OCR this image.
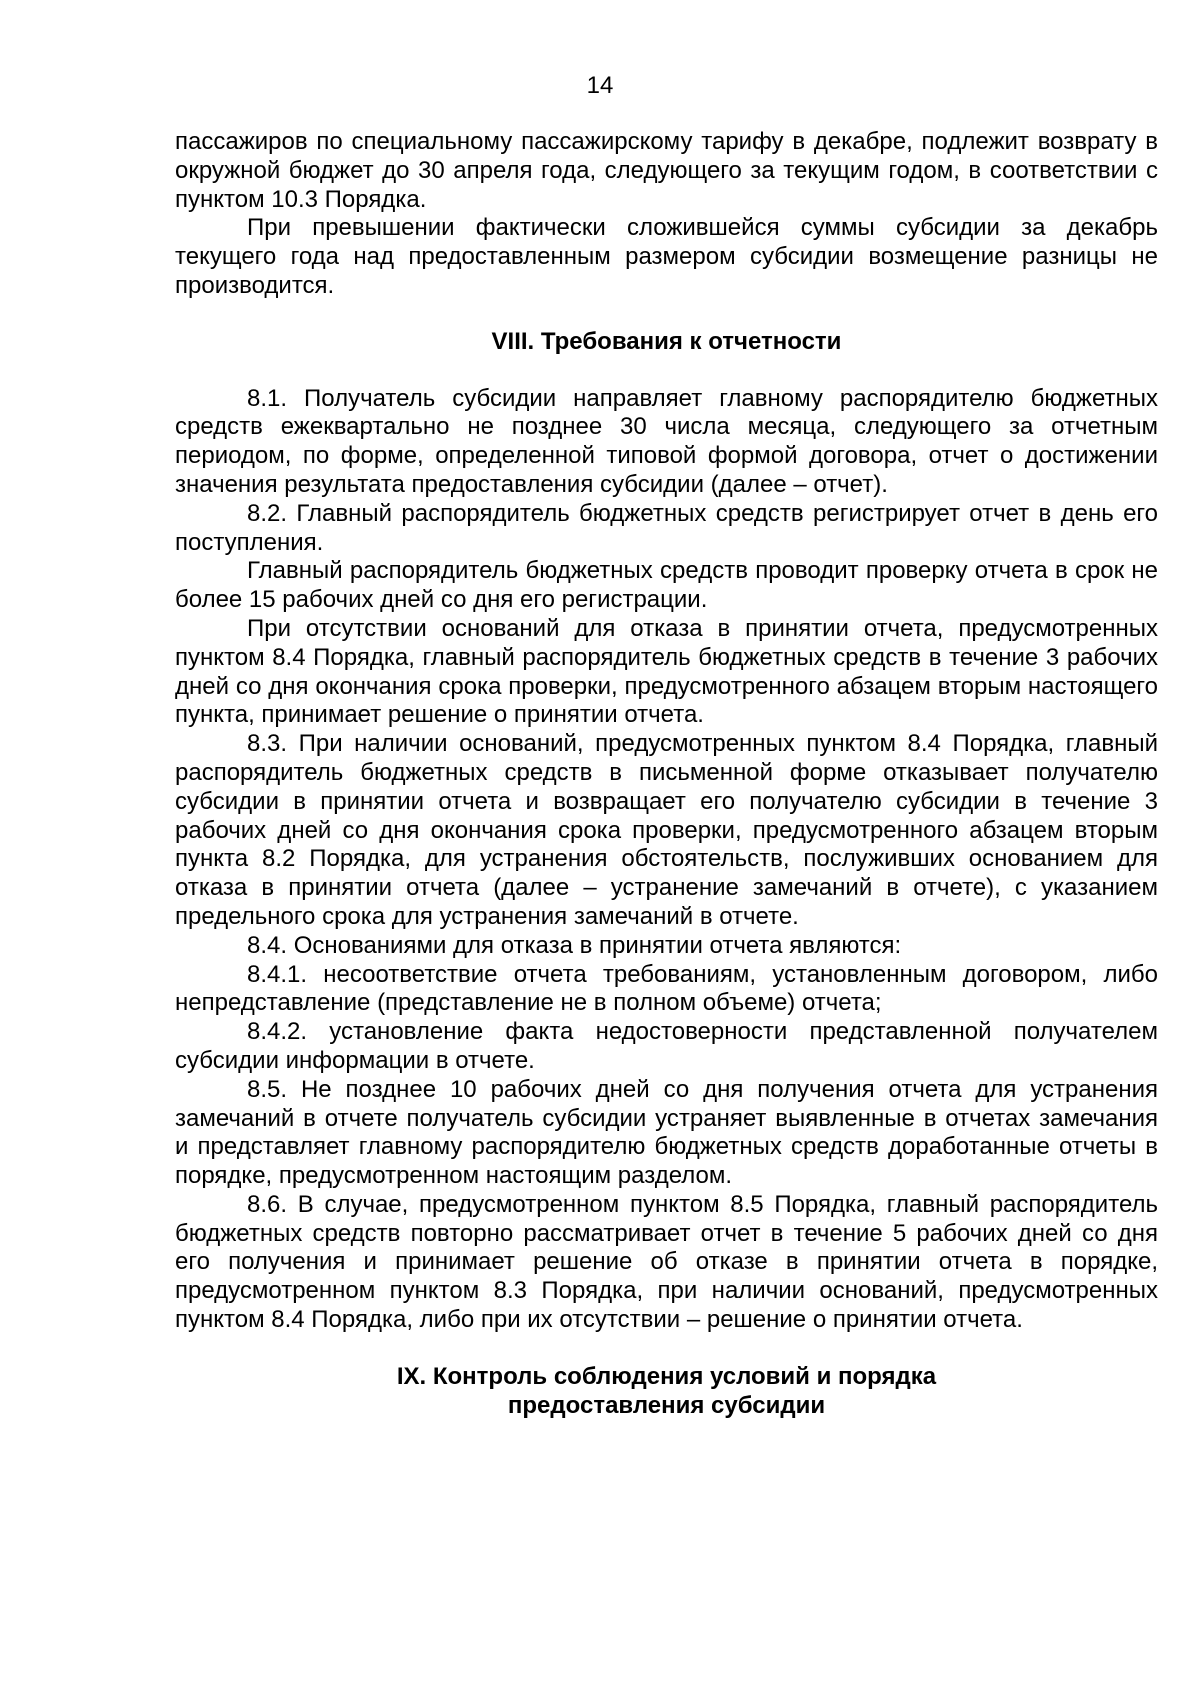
14

пассажиров по специальному пассажирскому тарифу в декабре, подлежит возврату в окружной бюджет до 30 апреля года, следующего за текущим годом, в соответствии с пунктом 10.3 Порядка.

При превышении фактически сложившейся суммы субсидии за декабрь текущего года над предоставленным размером субсидии возмещение разницы не производится.

VIII. Требования к отчетности

8.1. Получатель субсидии направляет главному распорядителю бюджетных средств ежеквартально не позднее 30 числа месяца, следующего за отчетным периодом, по форме, определенной типовой формой договора, отчет о достижении значения результата предоставления субсидии (далее – отчет).

8.2. Главный распорядитель бюджетных средств регистрирует отчет в день его поступления.

Главный распорядитель бюджетных средств проводит проверку отчета в срок не более 15 рабочих дней со дня его регистрации.

При отсутствии оснований для отказа в принятии отчета, предусмотренных пунктом 8.4 Порядка, главный распорядитель бюджетных средств в течение 3 рабочих дней со дня окончания срока проверки, предусмотренного абзацем вторым настоящего пункта, принимает решение о принятии отчета.

8.3. При наличии оснований, предусмотренных пунктом 8.4 Порядка, главный распорядитель бюджетных средств в письменной форме отказывает получателю субсидии в принятии отчета и возвращает его получателю субсидии в течение 3 рабочих дней со дня окончания срока проверки, предусмотренного абзацем вторым пункта 8.2 Порядка, для устранения обстоятельств, послуживших основанием для отказа в принятии отчета (далее – устранение замечаний в отчете), с указанием предельного срока для устранения замечаний в отчете.

8.4. Основаниями для отказа в принятии отчета являются:

8.4.1. несоответствие отчета требованиям, установленным договором, либо непредставление (представление не в полном объеме) отчета;

8.4.2. установление факта недостоверности представленной получателем субсидии информации в отчете.

8.5. Не позднее 10 рабочих дней со дня получения отчета для устранения замечаний в отчете получатель субсидии устраняет выявленные в отчетах замечания и представляет главному распорядителю бюджетных средств доработанные отчеты в порядке, предусмотренном настоящим разделом.

8.6. В случае, предусмотренном пунктом 8.5 Порядка, главный распорядитель бюджетных средств повторно рассматривает отчет в течение 5 рабочих дней со дня его получения и принимает решение об отказе в принятии отчета в порядке, предусмотренном пунктом 8.3 Порядка, при наличии оснований, предусмотренных пунктом 8.4 Порядка, либо при их отсутствии – решение о принятии отчета.

IX. Контроль соблюдения условий и порядка
предоставления субсидии
